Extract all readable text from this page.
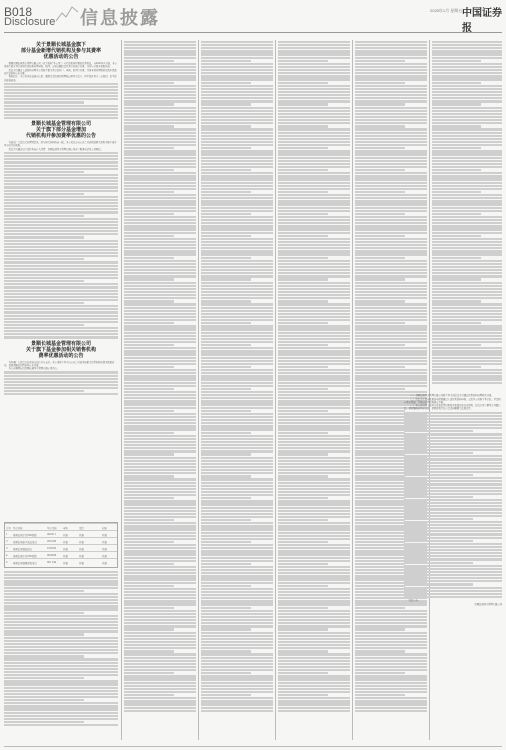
B018
Disclosure 信息披露	2025年1月 星期五 中国证券报
关于景顺长城基金旗下
部分基金新增代销机构及参与其费率
优惠活动的公告

根据景顺长城基金管理有限公司（以下简称“本公司”）与代销机构签署的销售协议，自2025年1月起，本公司旗下部分基金新增代销机构办理申购、赎回、定期定额投资及基金转换等业务，并参与其费率优惠活动。

投资者可通过上述机构办理本公司旗下相关基金的开户、申购、赎回等业务，具体业务办理规则及费率优惠以代销机构公告为准。

风险提示：本公司承诺以诚实信用、勤勉尽责的原则管理和运用基金资产，但不保证基金一定盈利，也不保证最低收益。

景顺长城基金管理有限公司
关于旗下部分基金增加
代销机构并参加费率优惠的公告

为满足广大投资者的理财需求，经与相关机构协商一致，本公司决定自公告之日起增加相关机构为旗下部分基金的代销机构。

投资者可通过以下途径咨询有关详情：景顺长城基金管理有限公司客户服务电话及公司网站。

景顺长城基金管理有限公司
关于旗下基金参加相关销售机构
费率优惠活动的公告

为答谢广大投资者长期以来的信任与支持，本公司旗下基金自公告之日起参加相关销售机构的费率优惠活动，优惠期限以销售机构公告为准。

本公告解释权归景顺长城基金管理有限公司所有。

序号 基金名称	基金代码	申购	定投	转换
1 景顺长城沪深300指数	000311	开通	开通	开通
2 景顺长城新兴成长混合	260108	开通	开通	开通
3 景顺长城鼎益混合	162605	开通	开通	开通
4 景顺长城中证500指数	000008	开通	开通	开通
5 景顺长城稳健回报混合	001194	开通	开通	开通

（一）景顺长城基金管理有限公司旗下基金的投资者可通过销售机构办理相关业务。

（二）投资者在费率优惠活动期间通过上述销售机构申购、定投本公司旗下基金的，享受相应费率优惠，具体以销售机构规定为准。

（三）本公告仅对上述基金参加销售机构费率优惠活动予以说明，投资者欲了解基金详细信息，请仔细阅读基金合同、招募说明书及产品资料概要等法律文件。

特此公告。

景顺长城基金管理有限公司
